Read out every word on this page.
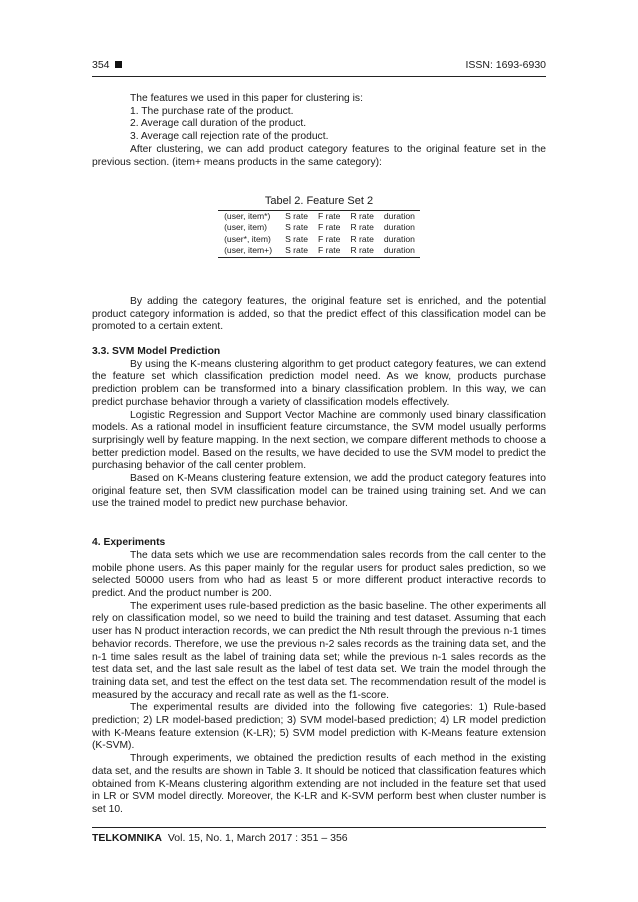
354	ISSN: 1693-6930

The features we used in this paper for clustering is:

1. The purchase rate of the product.
2. Average call duration of the product.
3. Average call rejection rate of the product.

After clustering, we can add product category features to the original feature set in the previous section. (item+ means products in the same category):

Tabel 2. Feature Set 2
(user, item*)	S rate	F rate	R rate	duration
(user, item)	S rate	F rate	R rate	duration
(user*, item)	S rate	F rate	R rate	duration
(user, item+)	S rate	F rate	R rate	duration

By adding the category features, the original feature set is enriched, and the potential product category information is added, so that the predict effect of this classification model can be promoted to a certain extent.

3.3. SVM Model Prediction

By using the K-means clustering algorithm to get product category features, we can extend the feature set which classification prediction model need. As we know, products purchase prediction problem can be transformed into a binary classification problem. In this way, we can predict purchase behavior through a variety of classification models effectively.

Logistic Regression and Support Vector Machine are commonly used binary classification models. As a rational model in insufficient feature circumstance, the SVM model usually performs surprisingly well by feature mapping. In the next section, we compare different methods to choose a better prediction model. Based on the results, we have decided to use the SVM model to predict the purchasing behavior of the call center problem.

Based on K-Means clustering feature extension, we add the product category features into original feature set, then SVM classification model can be trained using training set. And we can use the trained model to predict new purchase behavior.

4. Experiments

The data sets which we use are recommendation sales records from the call center to the mobile phone users. As this paper mainly for the regular users for product sales prediction, so we selected 50000 users from who had as least 5 or more different product interactive records to predict. And the product number is 200.

The experiment uses rule-based prediction as the basic baseline. The other experiments all rely on classification model, so we need to build the training and test dataset. Assuming that each user has N product interaction records, we can predict the Nth result through the previous n-1 times behavior records. Therefore, we use the previous n-2 sales records as the training data set, and the n-1 time sales result as the label of training data set; while the previous n-1 sales records as the test data set, and the last sale result as the label of test data set. We train the model through the training data set, and test the effect on the test data set. The recommendation result of the model is measured by the accuracy and recall rate as well as the f1-score.

The experimental results are divided into the following five categories: 1) Rule-based prediction; 2) LR model-based prediction; 3) SVM model-based prediction; 4) LR model prediction with K-Means feature extension (K-LR); 5) SVM model prediction with K-Means feature extension (K-SVM).

Through experiments, we obtained the prediction results of each method in the existing data set, and the results are shown in Table 3. It should be noticed that classification features which obtained from K-Means clustering algorithm extending are not included in the feature set that used in LR or SVM model directly. Moreover, the K-LR and K-SVM perform best when cluster number is set 10.

TELKOMNIKA Vol. 15, No. 1, March 2017 : 351 – 356
